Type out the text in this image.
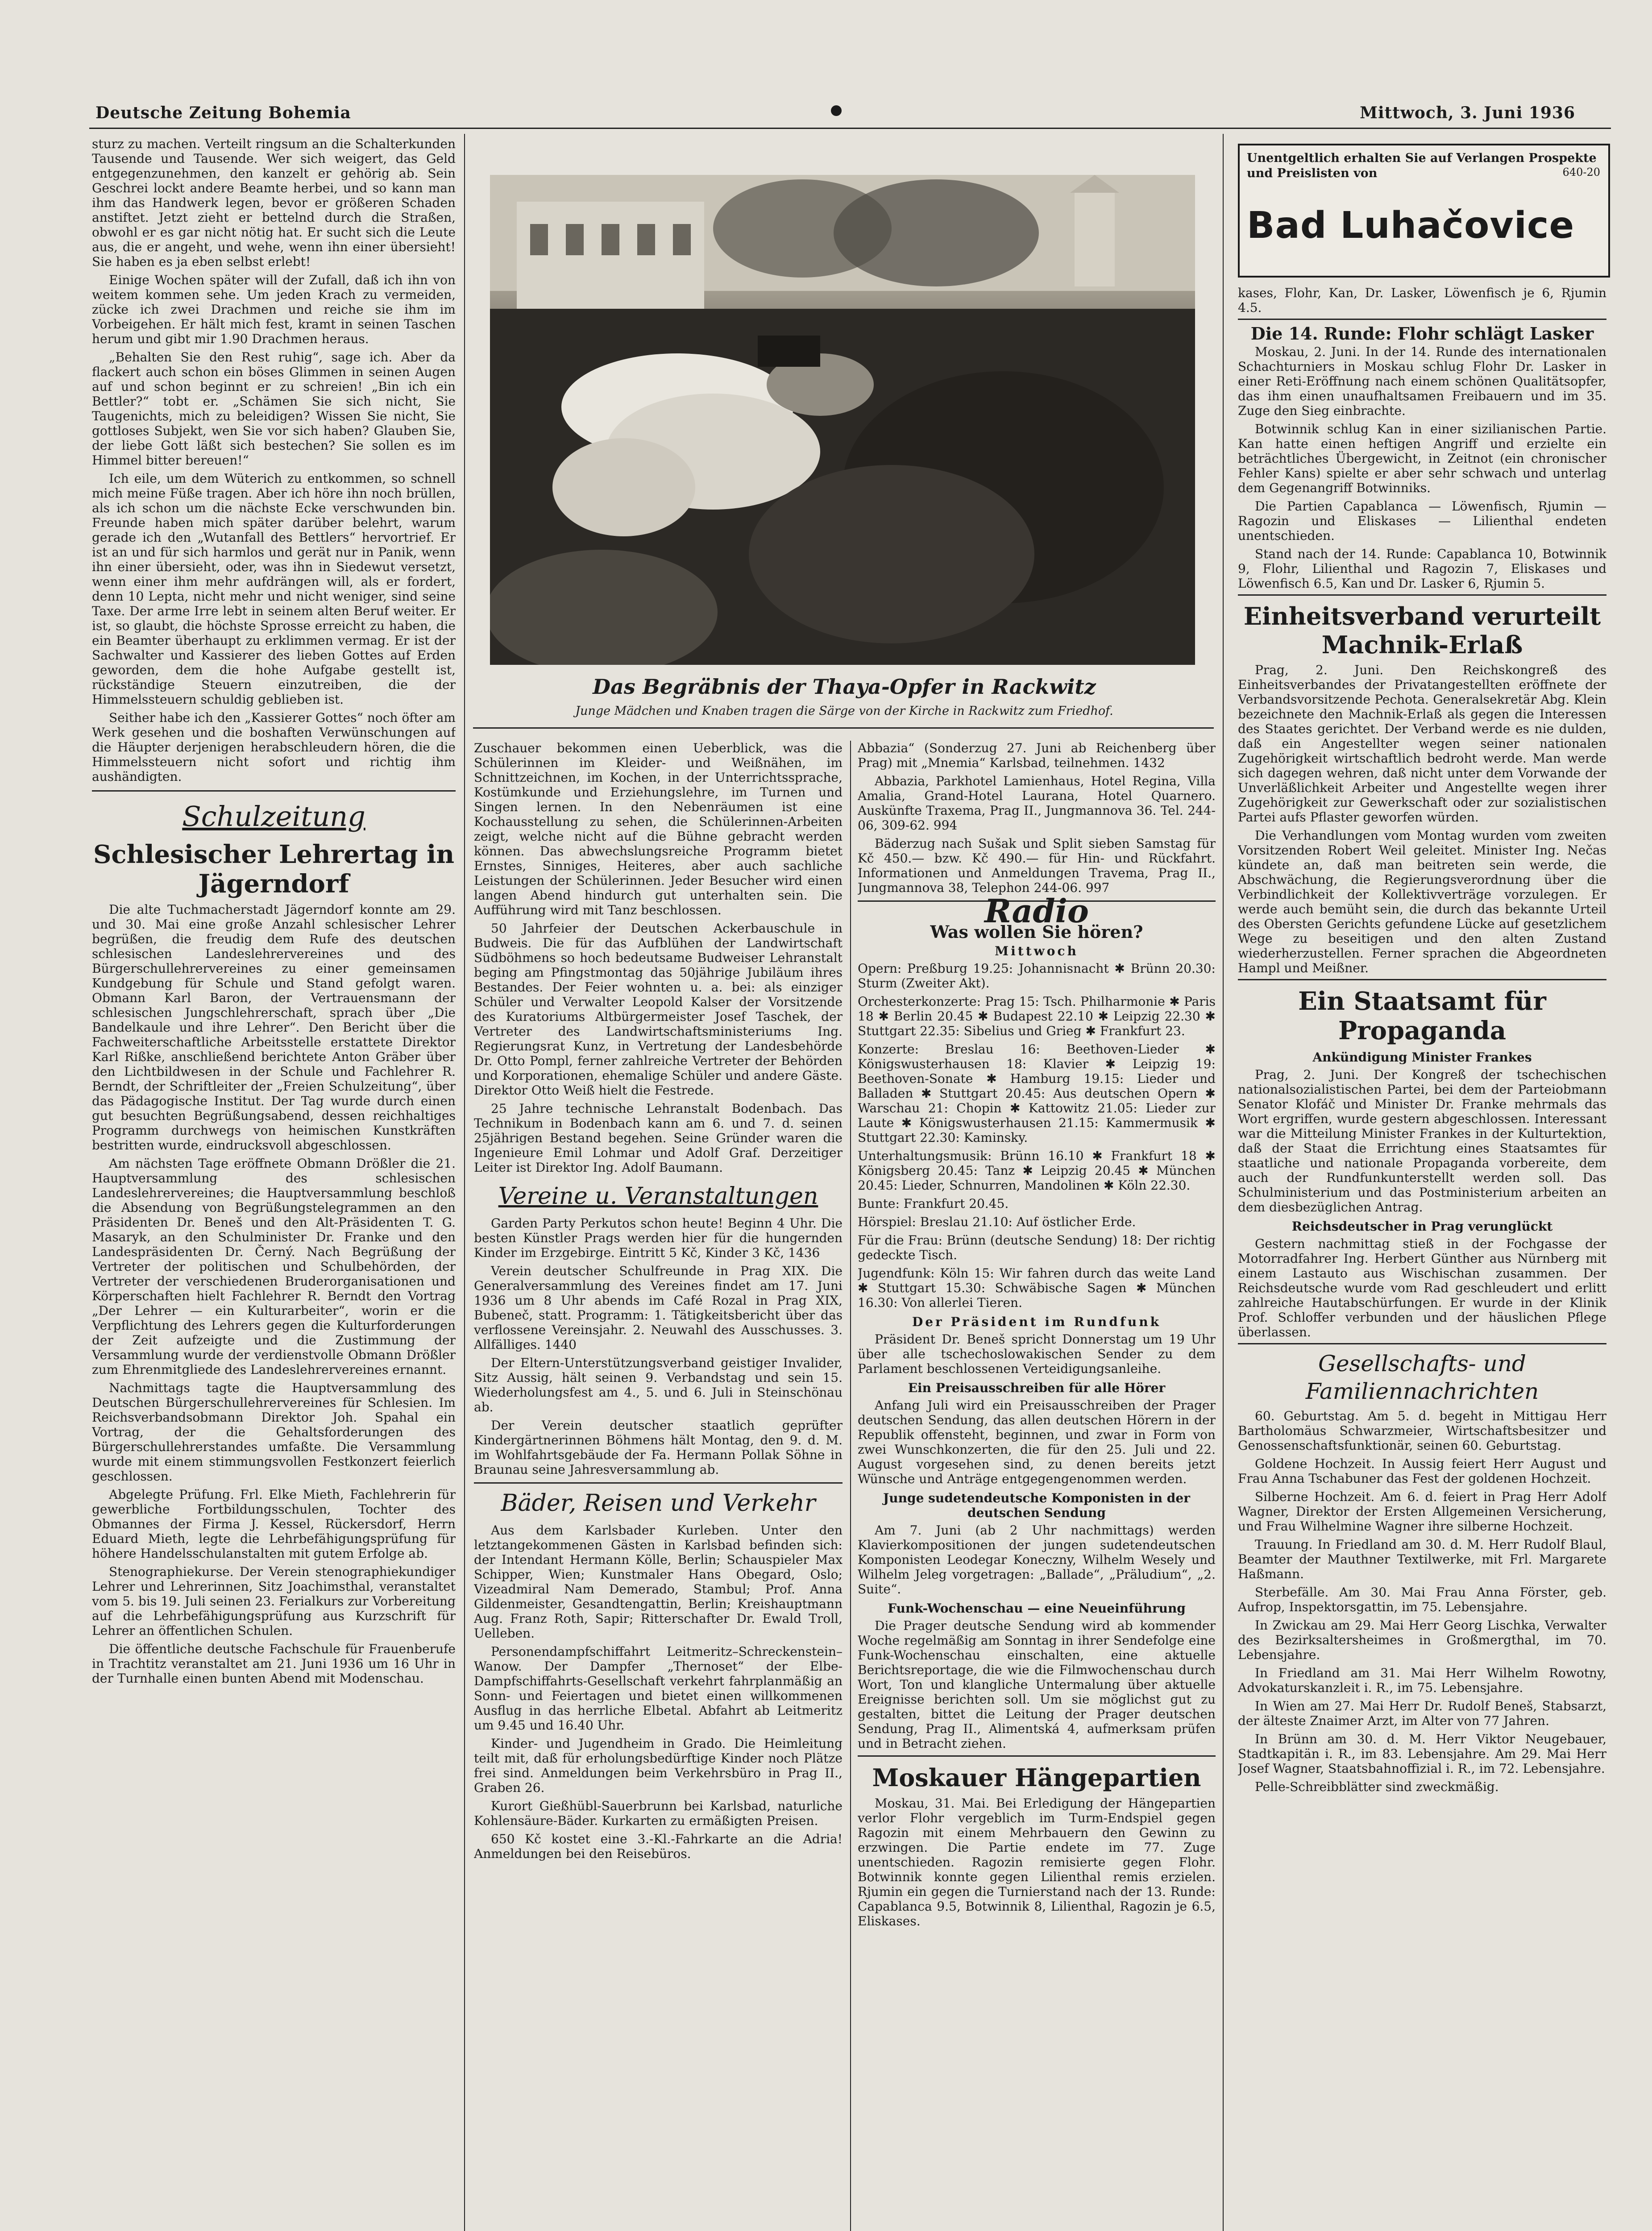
Deutsche Zeitung Bohemia	Mittwoch, 3. Juni 1936

sturz zu machen. Verteilt ringsum an die Schalterkunden Tausende und Tausende. Wer sich weigert, das Geld entgegenzunehmen, den kanzelt er gehörig ab. Sein Geschrei lockt andere Beamte herbei, und so kann man ihm das Handwerk legen, bevor er größeren Schaden anstiftet. Jetzt zieht er bettelnd durch die Straßen, obwohl er es gar nicht nötig hat. Er sucht sich die Leute aus, die er angeht, und wehe, wenn ihn einer übersieht! Sie haben es ja eben selbst erlebt!

Einige Wochen später will der Zufall, daß ich ihn von weitem kommen sehe. Um jeden Krach zu vermeiden, zücke ich zwei Drachmen und reiche sie ihm im Vorbeigehen. Er hält mich fest, kramt in seinen Taschen herum und gibt mir 1.90 Drachmen heraus.

„Behalten Sie den Rest ruhig“, sage ich. Aber da flackert auch schon ein böses Glimmen in seinen Augen auf und schon beginnt er zu schreien! „Bin ich ein Bettler?“ tobt er. „Schämen Sie sich nicht, Sie Taugenichts, mich zu beleidigen? Wissen Sie nicht, Sie gottloses Subjekt, wen Sie vor sich haben? Glauben Sie, der liebe Gott läßt sich bestechen? Sie sollen es im Himmel bitter bereuen!“

Ich eile, um dem Wüterich zu entkommen, so schnell mich meine Füße tragen. Aber ich höre ihn noch brüllen, als ich schon um die nächste Ecke verschwunden bin. Freunde haben mich später darüber belehrt, warum gerade ich den „Wutanfall des Bettlers“ hervortrief. Er ist an und für sich harmlos und gerät nur in Panik, wenn ihn einer übersieht, oder, was ihn in Siedewut versetzt, wenn einer ihm mehr aufdrängen will, als er fordert, denn 10 Lepta, nicht mehr und nicht weniger, sind seine Taxe. Der arme Irre lebt in seinem alten Beruf weiter. Er ist, so glaubt, die höchste Sprosse erreicht zu haben, die ein Beamter überhaupt zu erklimmen vermag. Er ist der Sachwalter und Kassierer des lieben Gottes auf Erden geworden, dem die hohe Aufgabe gestellt ist, rückständige Steuern einzutreiben, die der Himmelssteuern schuldig geblieben ist.

Seither habe ich den „Kassierer Gottes“ noch öfter am Werk gesehen und die boshaften Verwünschungen auf die Häupter derjenigen herabschleudern hören, die die Himmelssteuern nicht sofort und richtig ihm aushändigten.

Schulzeitung
Schlesischer Lehrertag in Jägerndorf

Die alte Tuchmacherstadt Jägerndorf konnte am 29. und 30. Mai eine große Anzahl schlesischer Lehrer begrüßen, die freudig dem Rufe des deutschen schlesischen Landeslehrervereines und des Bürgerschullehrervereines zu einer gemeinsamen Kundgebung für Schule und Stand gefolgt waren. Obmann Karl Baron, der Vertrauensmann der schlesischen Jungschlehrerschaft, sprach über „Die Bandelkaule und ihre Lehrer“. Den Bericht über die Fachweiterschaftliche Arbeitsstelle erstattete Direktor Karl Rißke, anschließend berichtete Anton Gräber über den Lichtbildwesen in der Schule und Fachlehrer R. Berndt, der Schriftleiter der „Freien Schulzeitung“, über das Pädagogische Institut. Der Tag wurde durch einen gut besuchten Begrüßungsabend, dessen reichhaltiges Programm durchwegs von heimischen Kunstkräften bestritten wurde, eindrucksvoll abgeschlossen.

Am nächsten Tage eröffnete Obmann Drößler die 21. Hauptversammlung des schlesischen Landeslehrervereines; die Hauptversammlung beschloß die Absendung von Begrüßungstelegrammen an den Präsidenten Dr. Beneš und den Alt-Präsidenten T. G. Masaryk, an den Schulminister Dr. Franke und den Landespräsidenten Dr. Černý. Nach Begrüßung der Vertreter der politischen und Schulbehörden, der Vertreter der verschiedenen Bruderorganisationen und Körperschaften hielt Fachlehrer R. Berndt den Vortrag „Der Lehrer — ein Kulturarbeiter“, worin er die Verpflichtung des Lehrers gegen die Kulturforderungen der Zeit aufzeigte und die Zustimmung der Versammlung wurde der verdienstvolle Obmann Drößler zum Ehrenmitgliede des Landeslehrervereines ernannt.

Nachmittags tagte die Hauptversammlung des Deutschen Bürgerschullehrervereines für Schlesien. Im Reichsverbandsobmann Direktor Joh. Spahal ein Vortrag, der die Gehaltsforderungen des Bürgerschullehrerstandes umfaßte. Die Versammlung wurde mit einem stimmungsvollen Festkonzert feierlich geschlossen.

Abgelegte Prüfung. Frl. Elke Mieth, Fachlehrerin für gewerbliche Fortbildungsschulen, Tochter des Obmannes der Firma J. Kessel, Rückersdorf, Herrn Eduard Mieth, legte die Lehrbefähigungsprüfung für höhere Handelsschulanstalten mit gutem Erfolge ab.

Stenographiekurse. Der Verein stenographiekundiger Lehrer und Lehrerinnen, Sitz Joachimsthal, veranstaltet vom 5. bis 19. Juli seinen 23. Ferialkurs zur Vorbereitung auf die Lehrbefähigungsprüfung aus Kurzschrift für Lehrer an öffentlichen Schulen.

Die öffentliche deutsche Fachschule für Frauenberufe in Trachtitz veranstaltet am 21. Juni 1936 um 16 Uhr in der Turnhalle einen bunten Abend mit Modenschau.

Das Begräbnis der Thaya-Opfer in Rackwitz
Junge Mädchen und Knaben tragen die Särge von der Kirche in Rackwitz zum Friedhof.

Zuschauer bekommen einen Ueberblick, was die Schülerinnen im Kleider- und Weißnähen, im Schnittzeichnen, im Kochen, in der Unterrichtssprache, Kostümkunde und Erziehungslehre, im Turnen und Singen lernen. In den Nebenräumen ist eine Kochausstellung zu sehen, die Schülerinnen-Arbeiten zeigt, welche nicht auf die Bühne gebracht werden können. Das abwechslungsreiche Programm bietet Ernstes, Sinniges, Heiteres, aber auch sachliche Leistungen der Schülerinnen. Jeder Besucher wird einen langen Abend hindurch gut unterhalten sein. Die Aufführung wird mit Tanz beschlossen.

50 Jahrfeier der Deutschen Ackerbauschule in Budweis. Die für das Aufblühen der Landwirtschaft Südböhmens so hoch bedeutsame Budweiser Lehranstalt beging am Pfingstmontag das 50jährige Jubiläum ihres Bestandes. Der Feier wohnten u. a. bei: als einziger Schüler und Verwalter Leopold Kalser der Vorsitzende des Kuratoriums Altbürgermeister Josef Taschek, der Vertreter des Landwirtschaftsministeriums Ing. Regierungsrat Kunz, in Vertretung der Landesbehörde Dr. Otto Pompl, ferner zahlreiche Vertreter der Behörden und Korporationen, ehemalige Schüler und andere Gäste. Direktor Otto Weiß hielt die Festrede.

25 Jahre technische Lehranstalt Bodenbach. Das Technikum in Bodenbach kann am 6. und 7. d. seinen 25jährigen Bestand begehen. Seine Gründer waren die Ingenieure Emil Lohmar und Adolf Graf. Derzeitiger Leiter ist Direktor Ing. Adolf Baumann.

Vereine u. Veranstaltungen

Garden Party Perkutos schon heute! Beginn 4 Uhr. Die besten Künstler Prags werden hier für die hungernden Kinder im Erzgebirge. Eintritt 5 Kč, Kinder 3 Kč, 1436

Verein deutscher Schulfreunde in Prag XIX. Die Generalversammlung des Vereines findet am 17. Juni 1936 um 8 Uhr abends im Café Rozal in Prag XIX, Bubeneč, statt. Programm: 1. Tätigkeitsbericht über das verflossene Vereinsjahr. 2. Neuwahl des Ausschusses. 3. Allfälliges. 1440

Der Eltern-Unterstützungsverband geistiger Invalider, Sitz Aussig, hält seinen 9. Verbandstag und sein 15. Wiederholungsfest am 4., 5. und 6. Juli in Steinschönau ab.

Der Verein deutscher staatlich geprüfter Kindergärtnerinnen Böhmens hält Montag, den 9. d. M. im Wohlfahrtsgebäude der Fa. Hermann Pollak Söhne in Braunau seine Jahresversammlung ab.

Bäder, Reisen und Verkehr

Aus dem Karlsbader Kurleben. Unter den letztangekommenen Gästen in Karlsbad befinden sich: der Intendant Hermann Kölle, Berlin; Schauspieler Max Schipper, Wien; Kunstmaler Hans Obegard, Oslo; Vizeadmiral Nam Demerado, Stambul; Prof. Anna Gildenmeister, Gesandtengattin, Berlin; Kreishauptmann Aug. Franz Roth, Sapir; Ritterschafter Dr. Ewald Troll, Uelleben.

Personendampfschiffahrt Leitmeritz–Schreckenstein–Wanow. Der Dampfer „Thernoset“ der Elbe-Dampfschiffahrts-Gesellschaft verkehrt fahrplanmäßig an Sonn- und Feiertagen und bietet einen willkommenen Ausflug in das herrliche Elbetal. Abfahrt ab Leitmeritz um 9.45 und 16.40 Uhr.

Kinder- und Jugendheim in Grado. Die Heimleitung teilt mit, daß für erholungsbedürftige Kinder noch Plätze frei sind. Anmeldungen beim Verkehrsbüro in Prag II., Graben 26.

Kurort Gießhübl-Sauerbrunn bei Karlsbad, naturliche Kohlensäure-Bäder. Kurkarten zu ermäßigten Preisen.

650 Kč kostet eine 3.-Kl.-Fahrkarte an die Adria! Anmeldungen bei den Reisebüros.

Abbazia“ (Sonderzug 27. Juni ab Reichenberg über Prag) mit „Mnemia“ Karlsbad, teilnehmen. 1432

Abbazia, Parkhotel Lamienhaus, Hotel Regina, Villa Amalia, Grand-Hotel Laurana, Hotel Quarnero. Auskünfte Traxema, Prag II., Jungmannova 36. Tel. 244-06, 309-62. 994

Bäderzug nach Sušak und Split sieben Samstag für Kč 450.— bzw. Kč 490.— für Hin- und Rückfahrt. Informationen und Anmeldungen Travema, Prag II., Jungmannova 38, Telephon 244-06. 997

Radio
Was wollen Sie hören?
Mittwoch

Opern: Preßburg 19.25: Johannisnacht ✱ Brünn 20.30: Sturm (Zweiter Akt).

Orchesterkonzerte: Prag 15: Tsch. Philharmonie ✱ Paris 18 ✱ Berlin 20.45 ✱ Budapest 22.10 ✱ Leipzig 22.30 ✱ Stuttgart 22.35: Sibelius und Grieg ✱ Frankfurt 23.

Konzerte: Breslau 16: Beethoven-Lieder ✱ Königswusterhausen 18: Klavier ✱ Leipzig 19: Beethoven-Sonate ✱ Hamburg 19.15: Lieder und Balladen ✱ Stuttgart 20.45: Aus deutschen Opern ✱ Warschau 21: Chopin ✱ Kattowitz 21.05: Lieder zur Laute ✱ Königswusterhausen 21.15: Kammermusik ✱ Stuttgart 22.30: Kaminsky.

Unterhaltungsmusik: Brünn 16.10 ✱ Frankfurt 18 ✱ Königsberg 20.45: Tanz ✱ Leipzig 20.45 ✱ München 20.45: Lieder, Schnurren, Mandolinen ✱ Köln 22.30.

Bunte: Frankfurt 20.45.

Hörspiel: Breslau 21.10: Auf östlicher Erde.

Für die Frau: Brünn (deutsche Sendung) 18: Der richtig gedeckte Tisch.

Jugendfunk: Köln 15: Wir fahren durch das weite Land ✱ Stuttgart 15.30: Schwäbische Sagen ✱ München 16.30: Von allerlei Tieren.

Der Präsident im Rundfunk

Präsident Dr. Beneš spricht Donnerstag um 19 Uhr über alle tschechoslowakischen Sender zu dem Parlament beschlossenen Verteidigungsanleihe.

Ein Preisausschreiben für alle Hörer

Anfang Juli wird ein Preisausschreiben der Prager deutschen Sendung, das allen deutschen Hörern in der Republik offensteht, beginnen, und zwar in Form von zwei Wunschkonzerten, die für den 25. Juli und 22. August vorgesehen sind, zu denen bereits jetzt Wünsche und Anträge entgegengenommen werden.

Junge sudetendeutsche Komponisten in der deutschen Sendung

Am 7. Juni (ab 2 Uhr nachmittags) werden Klavierkompositionen der jungen sudetendeutschen Komponisten Leodegar Koneczny, Wilhelm Wesely und Wilhelm Jeleg vorgetragen: „Ballade“, „Präludium“, „2. Suite“.

Funk-Wochenschau — eine Neueinführung

Die Prager deutsche Sendung wird ab kommender Woche regelmäßig am Sonntag in ihrer Sendefolge eine Funk-Wochenschau einschalten, eine aktuelle Berichtsreportage, die wie die Filmwochenschau durch Wort, Ton und klangliche Untermalung über aktuelle Ereignisse berichten soll. Um sie möglichst gut zu gestalten, bittet die Leitung der Prager deutschen Sendung, Prag II., Alimentská 4, aufmerksam prüfen und in Betracht ziehen.

Moskauer Hängepartien

Moskau, 31. Mai. Bei Erledigung der Hängepartien verlor Flohr vergeblich im Turm-Endspiel gegen Ragozin mit einem Mehrbauern den Gewinn zu erzwingen. Die Partie endete im 77. Zuge unentschieden. Ragozin remisierte gegen Flohr. Botwinnik konnte gegen Lilienthal remis erzielen. Rjumin ein gegen die Turnierstand nach der 13. Runde: Capablanca 9.5, Botwinnik 8, Lilienthal, Ragozin je 6.5, Eliskases.

Unentgeltlich erhalten Sie auf Verlangen Prospekte und Preislisten von	640-20
Bad Luhačovice

kases, Flohr, Kan, Dr. Lasker, Löwenfisch je 6, Rjumin 4.5.

Die 14. Runde: Flohr schlägt Lasker

Moskau, 2. Juni. In der 14. Runde des internationalen Schachturniers in Moskau schlug Flohr Dr. Lasker in einer Reti-Eröffnung nach einem schönen Qualitätsopfer, das ihm einen unaufhaltsamen Freibauern und im 35. Zuge den Sieg einbrachte.

Botwinnik schlug Kan in einer sizilianischen Partie. Kan hatte einen heftigen Angriff und erzielte ein beträchtliches Übergewicht, in Zeitnot (ein chronischer Fehler Kans) spielte er aber sehr schwach und unterlag dem Gegenangriff Botwinniks.

Die Partien Capablanca — Löwenfisch, Rjumin — Ragozin und Eliskases — Lilienthal endeten unentschieden.

Stand nach der 14. Runde: Capablanca 10, Botwinnik 9, Flohr, Lilienthal und Ragozin 7, Eliskases und Löwenfisch 6.5, Kan und Dr. Lasker 6, Rjumin 5.

Einheitsverband verurteilt Machnik-Erlaß

Prag, 2. Juni. Den Reichskongreß des Einheitsverbandes der Privatangestellten eröffnete der Verbandsvorsitzende Pechota. Generalsekretär Abg. Klein bezeichnete den Machnik-Erlaß als gegen die Interessen des Staates gerichtet. Der Verband werde es nie dulden, daß ein Angestellter wegen seiner nationalen Zugehörigkeit wirtschaftlich bedroht werde. Man werde sich dagegen wehren, daß nicht unter dem Vorwande der Unverläßlichkeit Arbeiter und Angestellte wegen ihrer Zugehörigkeit zur Gewerkschaft oder zur sozialistischen Partei aufs Pflaster geworfen würden.

Die Verhandlungen vom Montag wurden vom zweiten Vorsitzenden Robert Weil geleitet. Minister Ing. Nečas kündete an, daß man beitreten sein werde, die Abschwächung, die Regierungsverordnung über die Verbindlichkeit der Kollektivverträge vorzulegen. Er werde auch bemüht sein, die durch das bekannte Urteil des Obersten Gerichts gefundene Lücke auf gesetzlichem Wege zu beseitigen und den alten Zustand wiederherzustellen. Ferner sprachen die Abgeordneten Hampl und Meißner.

Ein Staatsamt für Propaganda
Ankündigung Minister Frankes

Prag, 2. Juni. Der Kongreß der tschechischen nationalsozialistischen Partei, bei dem der Parteiobmann Senator Klofáč und Minister Dr. Franke mehrmals das Wort ergriffen, wurde gestern abgeschlossen. Interessant war die Mitteilung Minister Frankes in der Kulturtektion, daß der Staat die Errichtung eines Staatsamtes für staatliche und nationale Propaganda vorbereite, dem auch der Rundfunkunterstellt werden soll. Das Schulministerium und das Postministerium arbeiten an dem diesbezüglichen Antrag.

Reichsdeutscher in Prag verunglückt

Gestern nachmittag stieß in der Fochgasse der Motorradfahrer Ing. Herbert Günther aus Nürnberg mit einem Lastauto aus Wischischan zusammen. Der Reichsdeutsche wurde vom Rad geschleudert und erlitt zahlreiche Hautabschürfungen. Er wurde in der Klinik Prof. Schloffer verbunden und der häuslichen Pflege überlassen.

Gesellschafts- und Familiennachrichten

60. Geburtstag. Am 5. d. begeht in Mittigau Herr Bartholomäus Schwarzmeier, Wirtschaftsbesitzer und Genossenschaftsfunktionär, seinen 60. Geburtstag.

Goldene Hochzeit. In Aussig feiert Herr August und Frau Anna Tschabuner das Fest der goldenen Hochzeit.

Silberne Hochzeit. Am 6. d. feiert in Prag Herr Adolf Wagner, Direktor der Ersten Allgemeinen Versicherung, und Frau Wilhelmine Wagner ihre silberne Hochzeit.

Trauung. In Friedland am 30. d. M. Herr Rudolf Blaul, Beamter der Mauthner Textilwerke, mit Frl. Margarete Haßmann.

Sterbefälle. Am 30. Mai Frau Anna Förster, geb. Aufrop, Inspektorsgattin, im 75. Lebensjahre.

In Zwickau am 29. Mai Herr Georg Lischka, Verwalter des Bezirksaltersheimes in Großmergthal, im 70. Lebensjahre.

In Friedland am 31. Mai Herr Wilhelm Rowotny, Advokaturskanzleit i. R., im 75. Lebensjahre.

In Wien am 27. Mai Herr Dr. Rudolf Beneš, Stabsarzt, der älteste Znaimer Arzt, im Alter von 77 Jahren.

In Brünn am 30. d. M. Herr Viktor Neugebauer, Stadtkapitän i. R., im 83. Lebensjahre. Am 29. Mai Herr Josef Wagner, Staatsbahnoffizial i. R., im 72. Lebensjahre.

Pelle-Schreibblätter sind zweckmäßig.
